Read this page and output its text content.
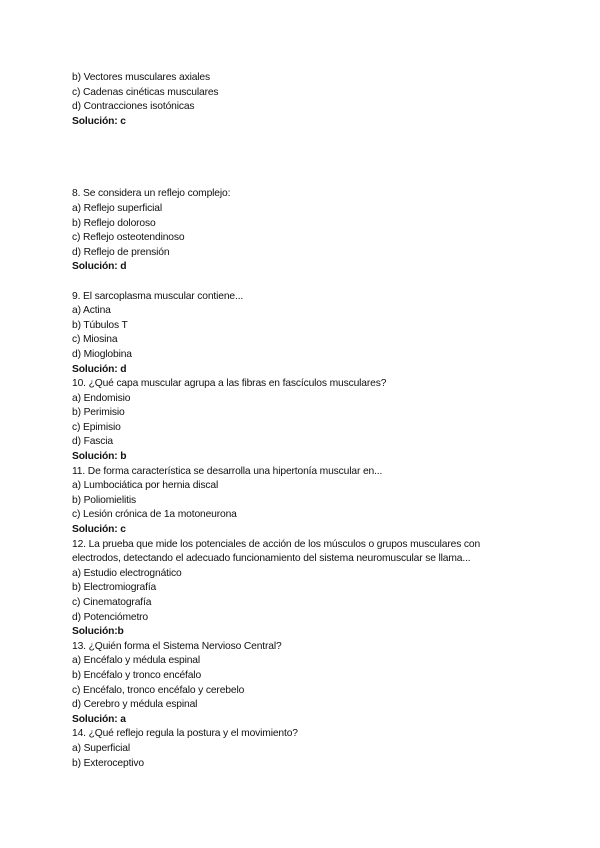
b) Vectores musculares axiales
c) Cadenas cinéticas musculares
d) Contracciones isotónicas
Solución: c
8. Se considera un reflejo complejo:
a) Reflejo superficial
b) Reflejo doloroso
c) Reflejo osteotendinoso
d) Reflejo de prensión
Solución: d
9. El sarcoplasma muscular contiene...
a) Actina
b) Túbulos T
c) Miosina
d) Mioglobina
Solución: d
10. ¿Qué capa muscular agrupa a las fibras en fascículos musculares?
a) Endomisio
b) Perimisio
c) Epimisio
d) Fascia
Solución: b
11. De forma característica se desarrolla una hipertonía muscular en...
a) Lumbociática por hernia discal
b) Poliomielitis
c) Lesión crónica de 1a motoneurona
Solución: c
12. La prueba que mide los potenciales de acción de los músculos o grupos musculares con
electrodos, detectando el adecuado funcionamiento del sistema neuromuscular se llama...
a) Estudio electrognático
b) Electromiografía
c) Cinematografía
d) Potenciómetro
Solución:b
13. ¿Quién forma el Sistema Nervioso Central?
a) Encéfalo y médula espinal
b) Encéfalo y tronco encéfalo
c) Encéfalo, tronco encéfalo y cerebelo
d) Cerebro y médula espinal
Solución: a
14. ¿Qué reflejo regula la postura y el movimiento?
a) Superficial
b) Exteroceptivo
